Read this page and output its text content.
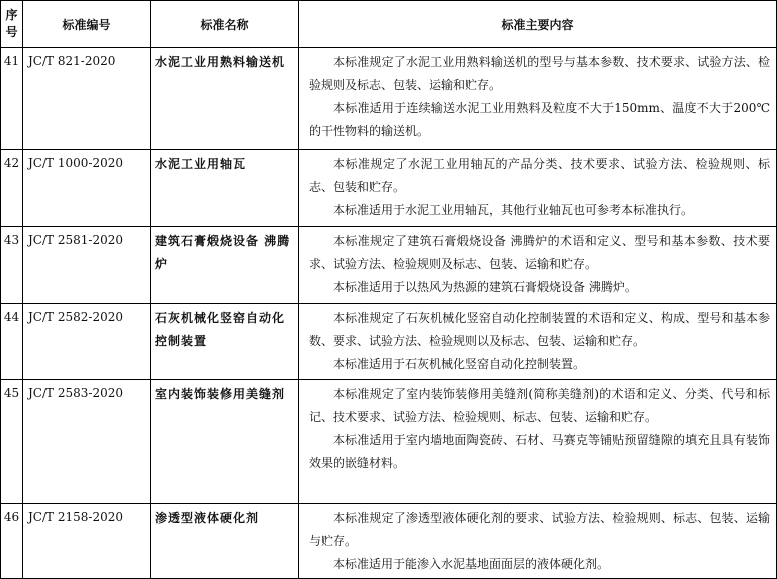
序号	标准编号	标准名称	标准主要内容
41	JC/T 821-2020	水泥工业用熟料输送机	本标准规定了水泥工业用熟料输送机的型号与基本参数、技术要求、试验方法、检验规则及标志、包装、运输和贮存。

本标准适用于连续输送水泥工业用熟料及粒度不大于150mm、温度不大于200℃的干性物料的输送机。

42	JC/T 1000-2020	水泥工业用轴瓦	本标准规定了水泥工业用轴瓦的产品分类、技术要求、试验方法、检验规则、标志、包装和贮存。

本标准适用于水泥工业用轴瓦，其他行业轴瓦也可参考本标准执行。

43	JC/T 2581-2020	建筑石膏煅烧设备 沸腾炉	本标准规定了建筑石膏煅烧设备 沸腾炉的术语和定义、型号和基本参数、技术要求、试验方法、检验规则及标志、包装、运输和贮存。

本标准适用于以热风为热源的建筑石膏煅烧设备 沸腾炉。

44	JC/T 2582-2020	石灰机械化竖窑自动化控制装置	本标准规定了石灰机械化竖窑自动化控制装置的术语和定义、构成、型号和基本参数、要求、试验方法、检验规则以及标志、包装、运输和贮存。

本标准适用于石灰机械化竖窑自动化控制装置。

45	JC/T 2583-2020	室内装饰装修用美缝剂	本标准规定了室内装饰装修用美缝剂(简称美缝剂)的术语和定义、分类、代号和标记、技术要求、试验方法、检验规则、标志、包装、运输和贮存。

本标准适用于室内墙地面陶瓷砖、石材、马赛克等铺贴预留缝隙的填充且具有装饰效果的嵌缝材料。

46	JC/T 2158-2020	渗透型液体硬化剂	本标准规定了渗透型液体硬化剂的要求、试验方法、检验规则、标志、包装、运输与贮存。

本标准适用于能渗入水泥基地面面层的液体硬化剂。
